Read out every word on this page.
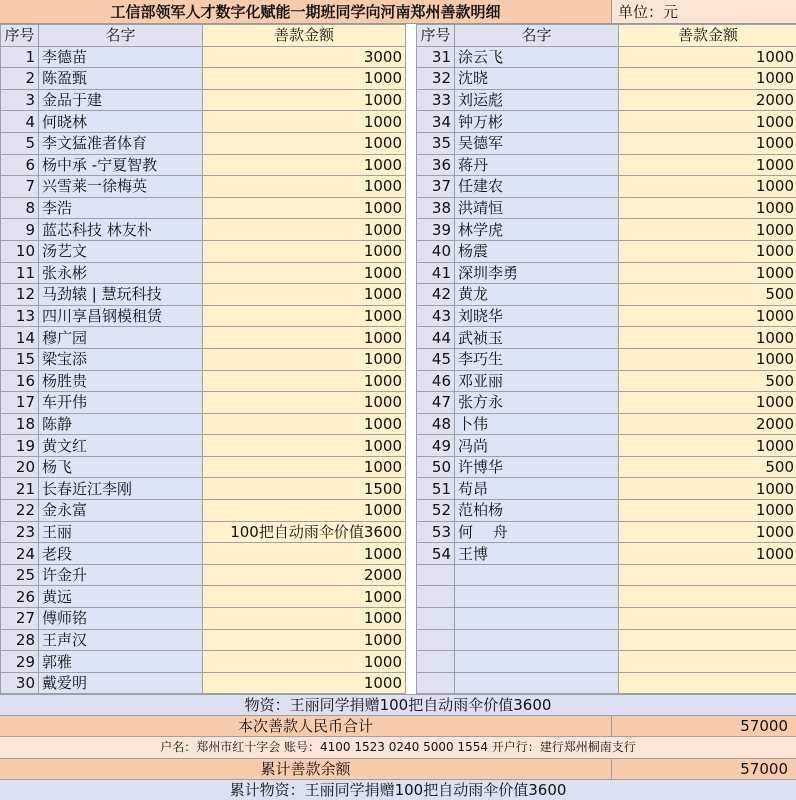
工信部领军人才数字化赋能一期班同学向河南郑州善款明细	单位：元
序号	名字	善款金额
1	李德苗	3000
2	陈盈甄	1000
3	金品于建	1000
4	何晓林	1000
5	李文猛准者体育	1000
6	杨中承 -宁夏智教	1000
7	兴雪莱一徐梅英	1000
8	李浩	1000
9	蓝芯科技 林友朴	1000
10	汤艺文	1000
11	张永彬	1000
12	马劲辕 | 慧玩科技	1000
13	四川享昌钢模租赁	1000
14	穆广园	1000
15	梁宝添	1000
16	杨胜贵	1000
17	车开伟	1000
18	陈静	1000
19	黄文红	1000
20	杨飞	1000
21	长春近江李刚	1500
22	金永富	1000
23	王丽	100把自动雨伞价值3600
24	老段	1000
25	许金升	2000
26	黄远	1000
27	傅师铭	1000
28	王声汉	1000
29	郭雅	1000
30	戴爱明	1000
序号	名字	善款金额
31	涂云飞	1000
32	沈晓	1000
33	刘运彪	2000
34	钟万彬	1000
35	吴德军	1000
36	蒋丹	1000
37	任建农	1000
38	洪靖恒	1000
39	林学虎	1000
40	杨震	1000
41	深圳李勇	1000
42	黄龙	500
43	刘晓华	1000
44	武祯玉	1000
45	李巧生	1000
46	邓亚丽	500
47	张方永	1000
48	卜伟	2000
49	冯尚	1000
50	许博华	500
51	苟昂	1000
52	范柏杨	1000
53	何　 舟	1000
54	王博	1000

物资：王丽同学捐赠100把自动雨伞价值3600
本次善款人民币合计	57000
户名：郑州市红十字会 账号：4100 1523 0240 5000 1554 开户行：建行郑州桐南支行
累计善款余额	57000
累计物资：王丽同学捐赠100把自动雨伞价值3600
